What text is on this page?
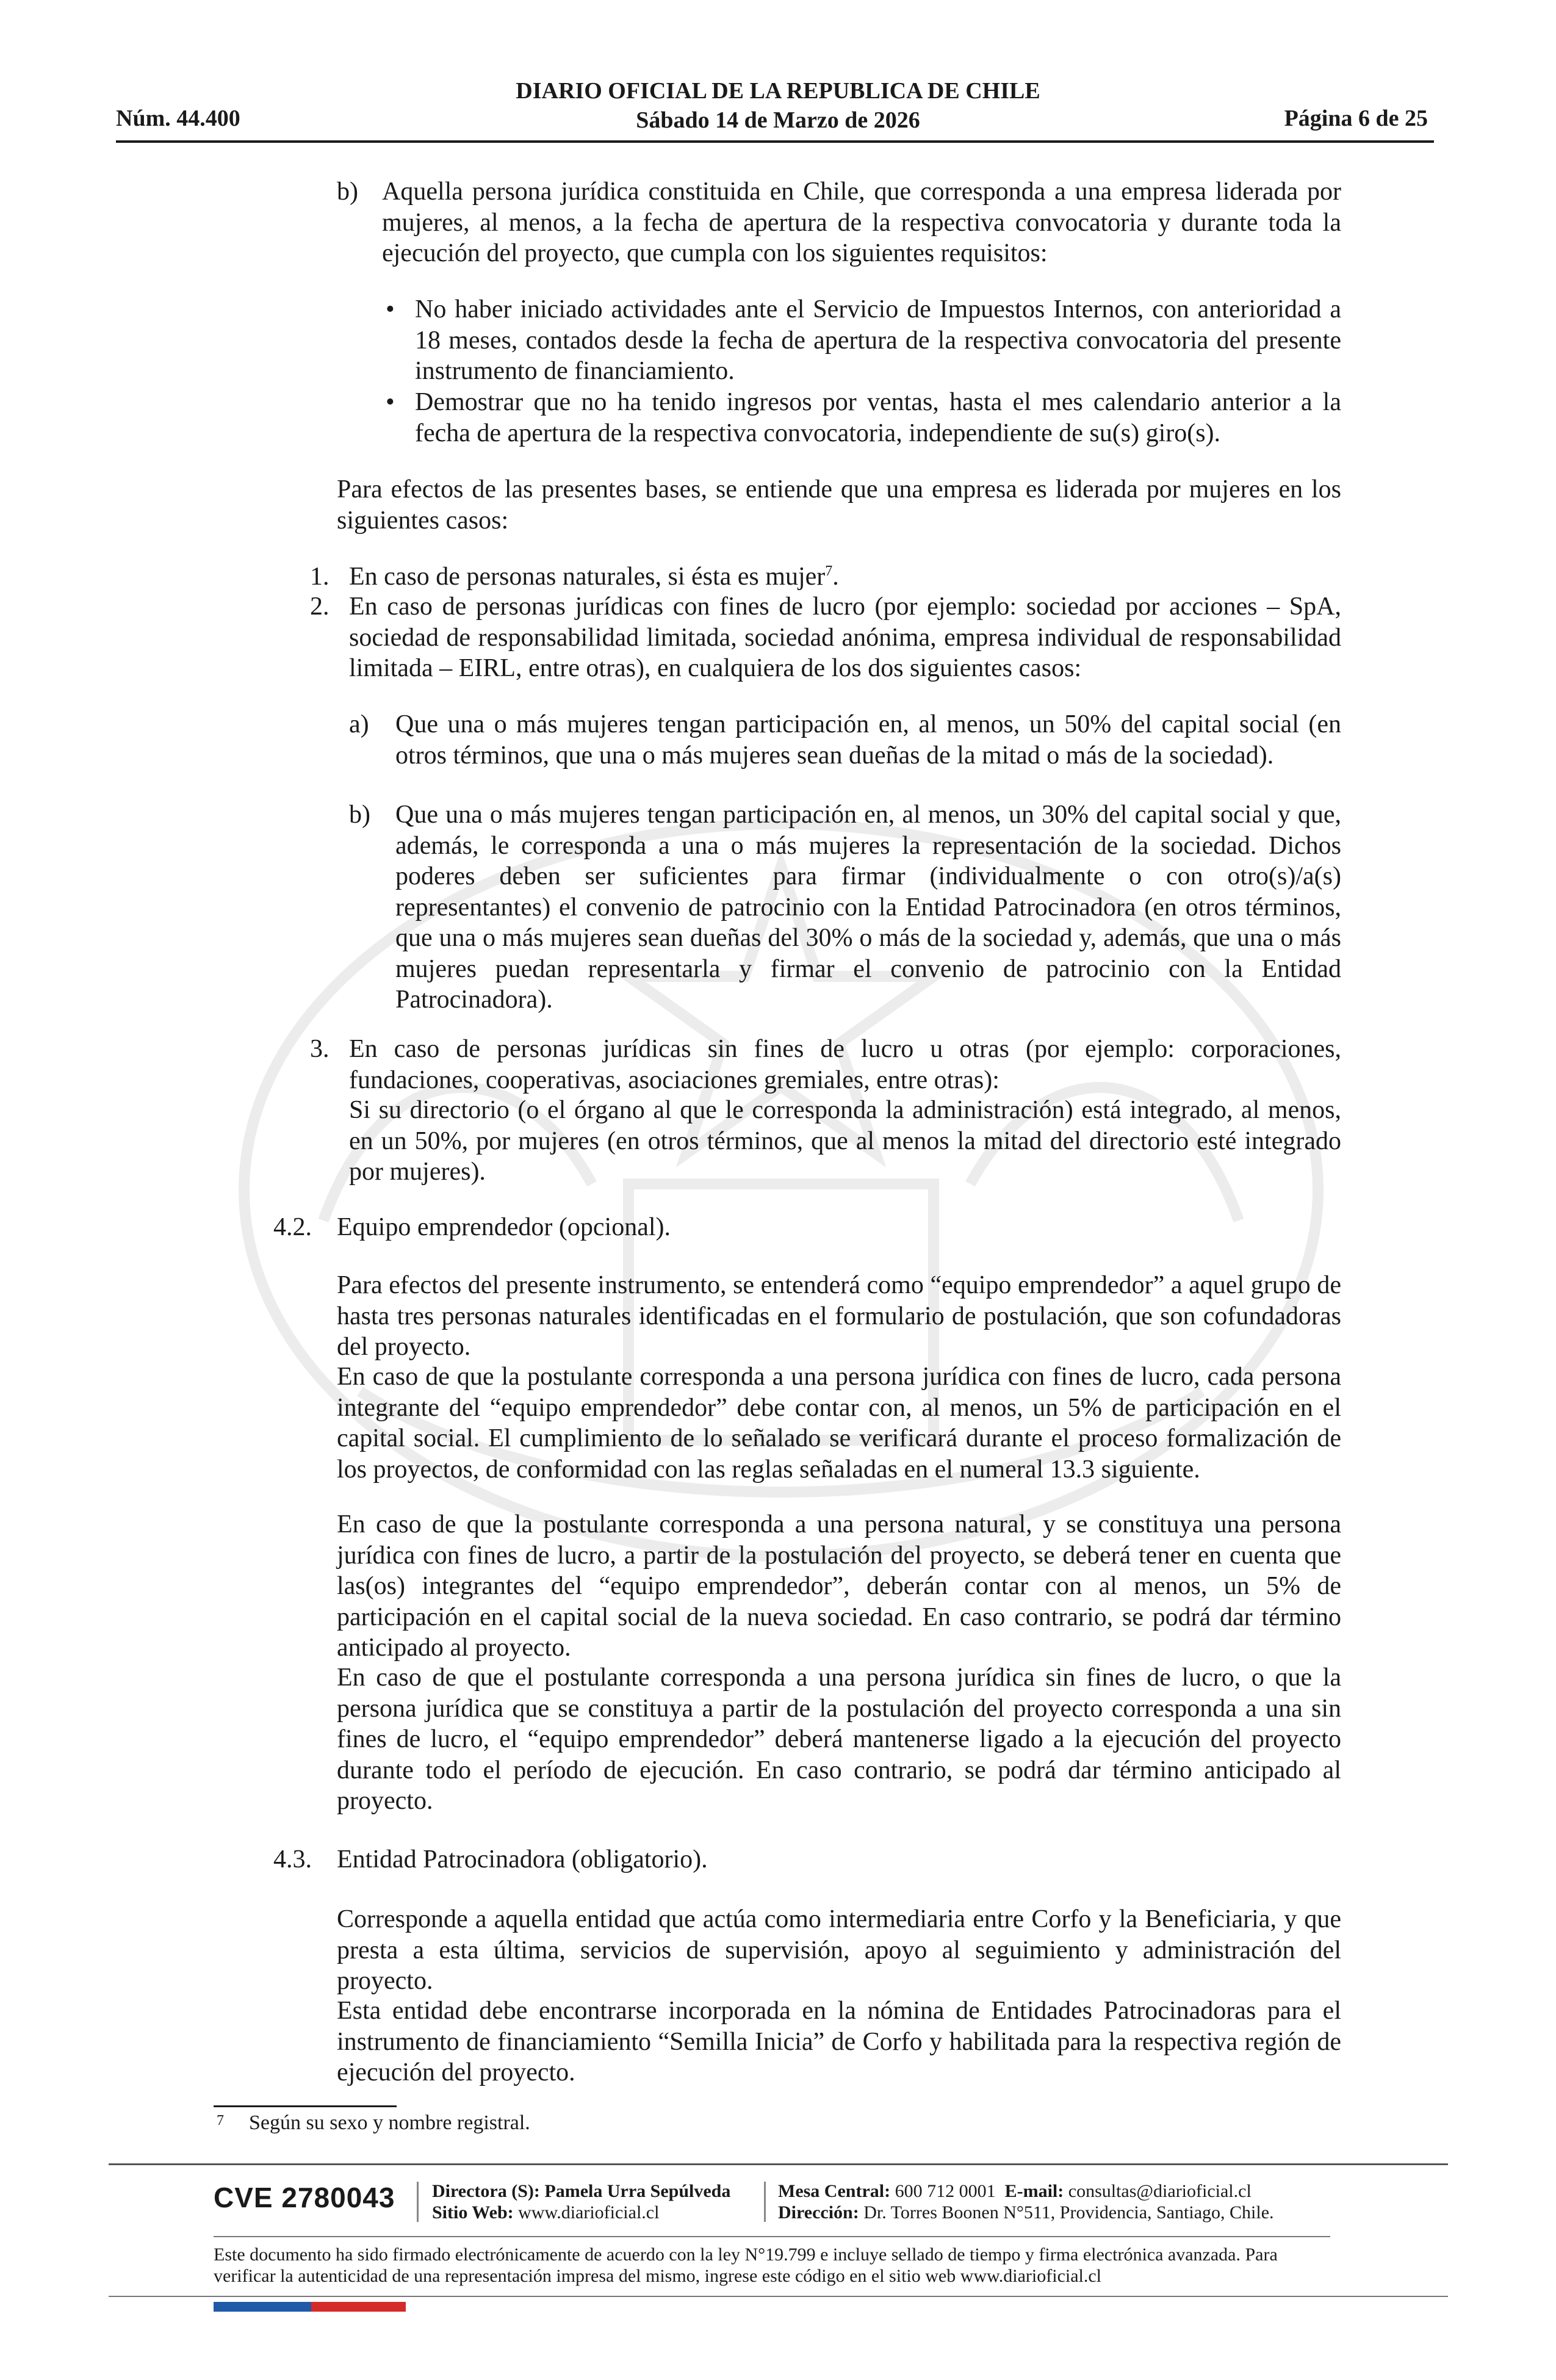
Núm. 44.400
DIARIO OFICIAL DE LA REPUBLICA DE CHILE
Sábado 14 de Marzo de 2026	Página 6 de 25
b) Aquella persona jurídica constituida en Chile, que corresponda a una empresa liderada por mujeres, al menos, a la fecha de apertura de la respectiva convocatoria y durante toda la ejecución del proyecto, que cumpla con los siguientes requisitos:
• No haber iniciado actividades ante el Servicio de Impuestos Internos, con anterioridad a 18 meses, contados desde la fecha de apertura de la respectiva convocatoria del presente instrumento de financiamiento.
• Demostrar que no ha tenido ingresos por ventas, hasta el mes calendario anterior a la fecha de apertura de la respectiva convocatoria, independiente de su(s) giro(s).
Para efectos de las presentes bases, se entiende que una empresa es liderada por mujeres en los siguientes casos:
1. En caso de personas naturales, si ésta es mujer$^7$.
2. En caso de personas jurídicas con fines de lucro (por ejemplo: sociedad por acciones – SpA, sociedad de responsabilidad limitada, sociedad anónima, empresa individual de responsabilidad limitada – EIRL, entre otras), en cualquiera de los dos siguientes casos:
a) Que una o más mujeres tengan participación en, al menos, un 50% del capital social (en otros términos, que una o más mujeres sean dueñas de la mitad o más de la sociedad).
b) Que una o más mujeres tengan participación en, al menos, un 30% del capital social y que, además, le corresponda a una o más mujeres la representación de la sociedad. Dichos poderes deben ser suficientes para firmar (individualmente o con otro(s)/a(s) representantes) el convenio de patrocinio con la Entidad Patrocinadora (en otros términos, que una o más mujeres sean dueñas del 30% o más de la sociedad y, además, que una o más mujeres puedan representarla y firmar el convenio de patrocinio con la Entidad Patrocinadora).
3. En caso de personas jurídicas sin fines de lucro u otras (por ejemplo: corporaciones, fundaciones, cooperativas, asociaciones gremiales, entre otras):
Si su directorio (o el órgano al que le corresponda la administración) está integrado, al menos, en un 50%, por mujeres (en otros términos, que al menos la mitad del directorio esté integrado por mujeres).
4.2. Equipo emprendedor (opcional).
Para efectos del presente instrumento, se entenderá como “equipo emprendedor” a aquel grupo de hasta tres personas naturales identificadas en el formulario de postulación, que son cofundadoras del proyecto.
En caso de que la postulante corresponda a una persona jurídica con fines de lucro, cada persona integrante del “equipo emprendedor” debe contar con, al menos, un 5% de participación en el capital social. El cumplimiento de lo señalado se verificará durante el proceso formalización de los proyectos, de conformidad con las reglas señaladas en el numeral 13.3 siguiente.
En caso de que la postulante corresponda a una persona natural, y se constituya una persona jurídica con fines de lucro, a partir de la postulación del proyecto, se deberá tener en cuenta que las(os) integrantes del “equipo emprendedor”, deberán contar con al menos, un 5% de participación en el capital social de la nueva sociedad. En caso contrario, se podrá dar término anticipado al proyecto.
En caso de que el postulante corresponda a una persona jurídica sin fines de lucro, o que la persona jurídica que se constituya a partir de la postulación del proyecto corresponda a una sin fines de lucro, el “equipo emprendedor” deberá mantenerse ligado a la ejecución del proyecto durante todo el período de ejecución. En caso contrario, se podrá dar término anticipado al proyecto.
4.3. Entidad Patrocinadora (obligatorio).
Corresponde a aquella entidad que actúa como intermediaria entre Corfo y la Beneficiaria, y que presta a esta última, servicios de supervisión, apoyo al seguimiento y administración del proyecto.
Esta entidad debe encontrarse incorporada en la nómina de Entidades Patrocinadoras para el instrumento de financiamiento “Semilla Inicia” de Corfo y habilitada para la respectiva región de ejecución del proyecto.
7 Según su sexo y nombre registral.
CVE 2780043 Directora (S): Pamela Urra Sepúlveda
Sitio Web: www.diarioficial.cl
Mesa Central: 600 712 0001 E-mail: consultas@diarioficial.cl
Dirección: Dr. Torres Boonen N°511, Providencia, Santiago, Chile.
Este documento ha sido firmado electrónicamente de acuerdo con la ley N°19.799 e incluye sellado de tiempo y firma electrónica avanzada. Para verificar la autenticidad de una representación impresa del mismo, ingrese este código en el sitio web www.diarioficial.cl
